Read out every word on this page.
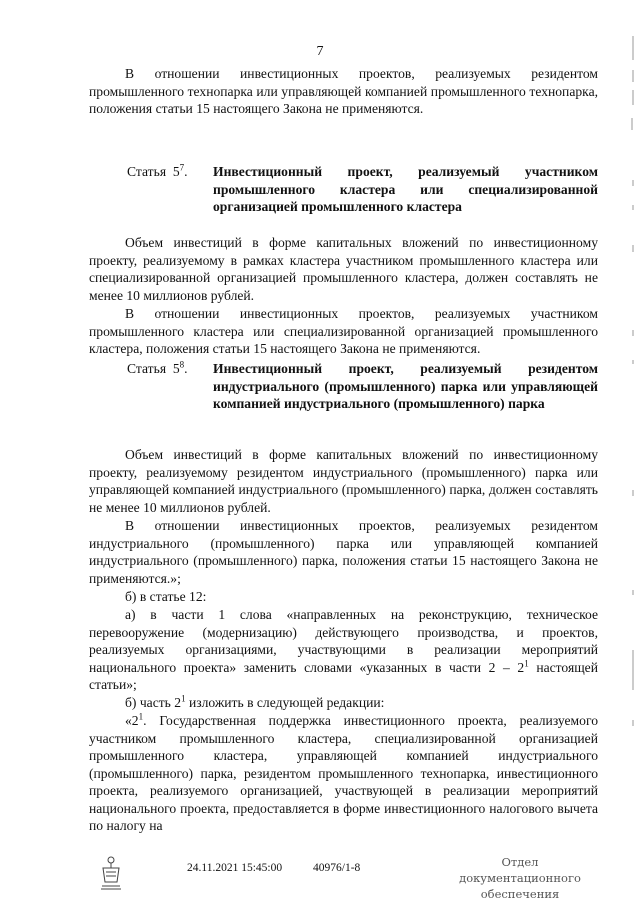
7

В отношении инвестиционных проектов, реализуемых резидентом промышленного технопарка или управляющей компанией промышленного технопарка, положения статьи 15 настоящего Закона не применяются.

Статья $5^7$.	Инвестиционный проект, реализуемый участником промышленного кластера или специализированной организацией промышленного кластера

Объем инвестиций в форме капитальных вложений по инвестиционному проекту, реализуемому в рамках кластера участником промышленного кластера или специализированной организацией промышленного кластера, должен составлять не менее 10 миллионов рублей.

В отношении инвестиционных проектов, реализуемых участником промышленного кластера или специализированной организацией промышленного кластера, положения статьи 15 настоящего Закона не применяются.

Статья $5^8$.	Инвестиционный проект, реализуемый резидентом индустриального (промышленного) парка или управляющей компанией индустриального (промышленного) парка

Объем инвестиций в форме капитальных вложений по инвестиционному проекту, реализуемому резидентом индустриального (промышленного) парка или управляющей компанией индустриального (промышленного) парка, должен составлять не менее 10 миллионов рублей.

В отношении инвестиционных проектов, реализуемых резидентом индустриального (промышленного) парка или управляющей компанией индустриального (промышленного) парка, положения статьи 15 настоящего Закона не применяются.»;

б) в статье 12:

а) в части 1 слова «направленных на реконструкцию, техническое перевооружение (модернизацию) действующего производства, и проектов, реализуемых организациями, участвующими в реализации мероприятий национального проекта» заменить словами «указанных в части $2 - 2^1$ настоящей статьи»;

б) часть $2^1$ изложить в следующей редакции:

«$2^1$. Государственная поддержка инвестиционного проекта, реализуемого участником промышленного кластера, специализированной организацией промышленного кластера, управляющей компанией индустриального (промышленного) парка, резидентом промышленного технопарка, инвестиционного проекта, реализуемого организацией, участвующей в реализации мероприятий национального проекта, предоставляется в форме инвестиционного налогового вычета по налогу на

24.11.2021 15:45:00	40976/1-8	Отдел документационного
обеспечения
